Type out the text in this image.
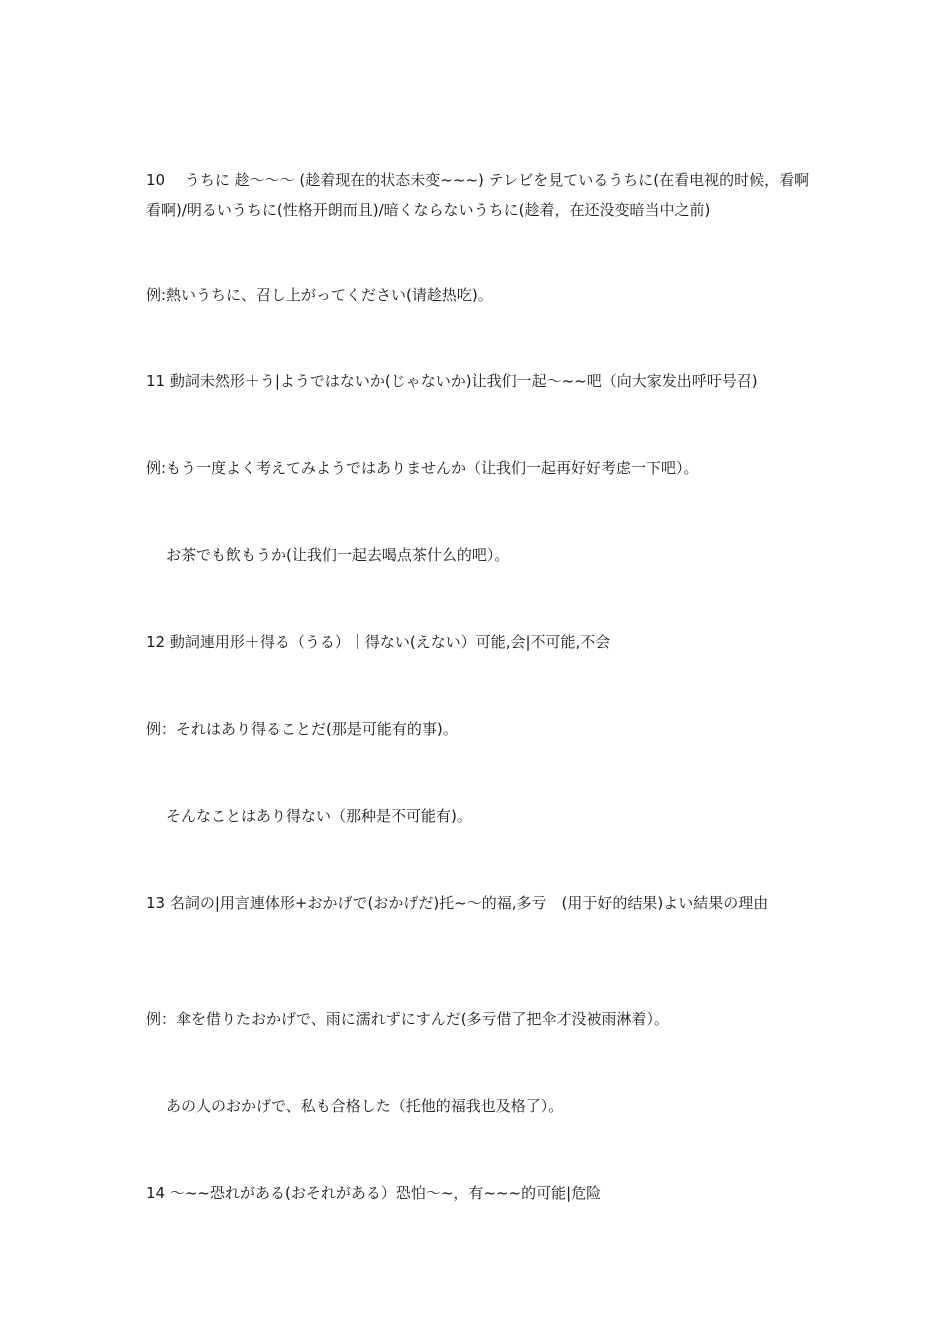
10　 うちに 趁～～～ (趁着现在的状态未变~~~) テレビを見ているうちに(在看电视的时候，看啊看啊)/明るいうちに(性格开朗而且)/暗くならないうちに(趁着，在还没变暗当中之前)
例:熱いうちに、召し上がってください(请趁热吃)。
11 動詞未然形＋う|ようではないか(じゃないか)让我们一起～~~吧（向大家发出呼吁号召)
例:もう一度よく考えてみようではありませんか（让我们一起再好好考虑一下吧）。
お茶でも飲もうか(让我们一起去喝点茶什么的吧）。
12 動詞連用形＋得る（うる）｜得ない(えない）可能,会|不可能,不会
例：それはあり得ることだ(那是可能有的事)。
そんなことはあり得ない（那种是不可能有)。
13 名詞の|用言連体形+おかげで(おかげだ)托~～的福,多亏　(用于好的结果)よい結果の理由
例：傘を借りたおかげで、雨に濡れずにすんだ(多亏借了把伞才没被雨淋着）。
あの人のおかげで、私も合格した（托他的福我也及格了）。
14 ～~~恐れがある(おそれがある）恐怕～~，有~~~的可能|危险
